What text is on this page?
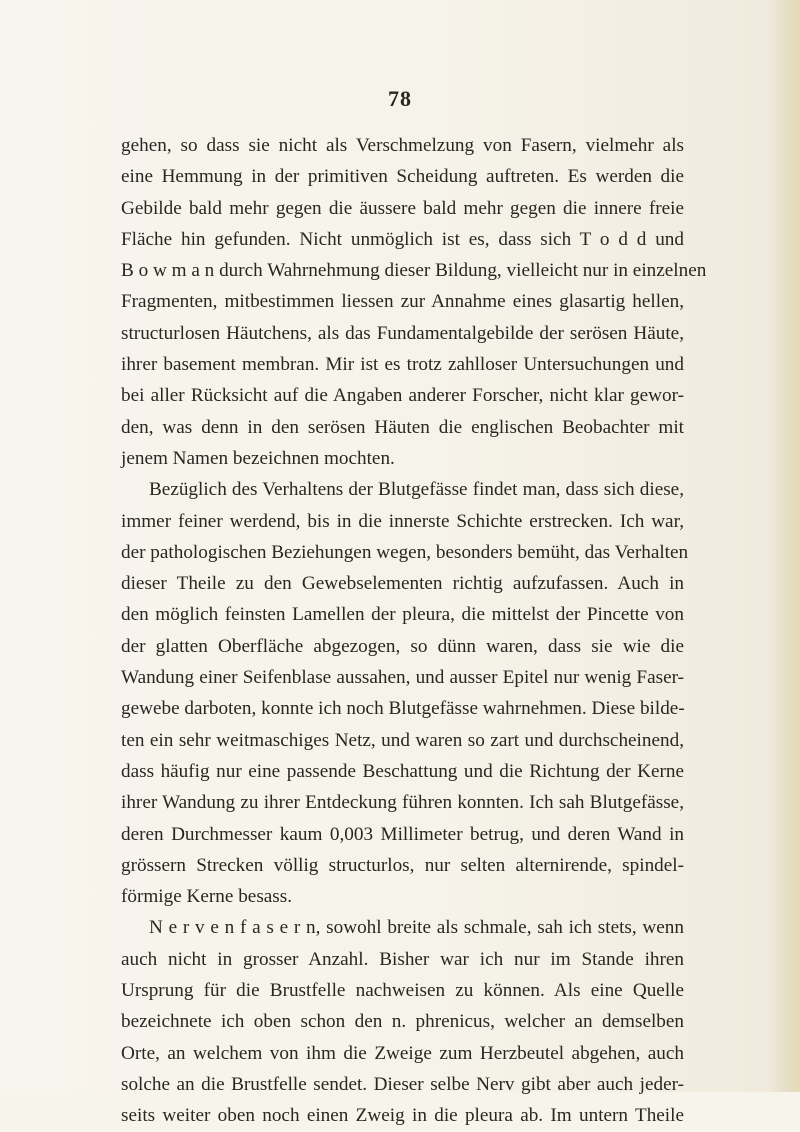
78
gehen, so dass sie nicht als Verschmelzung von Fasern, vielmehr als
eine Hemmung in der primitiven Scheidung auftreten. Es werden die
Gebilde bald mehr gegen die äussere bald mehr gegen die innere freie
Fläche hin gefunden. Nicht unmöglich ist es, dass sich T o d d und
B o w m a n durch Wahrnehmung dieser Bildung, vielleicht nur in einzelnen
Fragmenten, mitbestimmen liessen zur Annahme eines glasartig hellen,
structurlosen Häutchens, als das Fundamentalgebilde der serösen Häute,
ihrer basement membran. Mir ist es trotz zahlloser Untersuchungen und
bei aller Rücksicht auf die Angaben anderer Forscher, nicht klar gewor-
den, was denn in den serösen Häuten die englischen Beobachter mit
jenem Namen bezeichnen mochten.
Bezüglich des Verhaltens der Blutgefässe findet man, dass sich diese,
immer feiner werdend, bis in die innerste Schichte erstrecken. Ich war,
der pathologischen Beziehungen wegen, besonders bemüht, das Verhalten
dieser Theile zu den Gewebselementen richtig aufzufassen. Auch in
den möglich feinsten Lamellen der pleura, die mittelst der Pincette von
der glatten Oberfläche abgezogen, so dünn waren, dass sie wie die
Wandung einer Seifenblase aussahen, und ausser Epitel nur wenig Faser-
gewebe darboten, konnte ich noch Blutgefässe wahrnehmen. Diese bilde-
ten ein sehr weitmaschiges Netz, und waren so zart und durchscheinend,
dass häufig nur eine passende Beschattung und die Richtung der Kerne
ihrer Wandung zu ihrer Entdeckung führen konnten. Ich sah Blutgefässe,
deren Durchmesser kaum 0,003 Millimeter betrug, und deren Wand in
grössern Strecken völlig structurlos, nur selten alternirende, spindel-
förmige Kerne besass.
N e r v e n f a s e r n, sowohl breite als schmale, sah ich stets, wenn
auch nicht in grosser Anzahl. Bisher war ich nur im Stande ihren
Ursprung für die Brustfelle nachweisen zu können. Als eine Quelle
bezeichnete ich oben schon den n. phrenicus, welcher an demselben
Orte, an welchem von ihm die Zweige zum Herzbeutel abgehen, auch
solche an die Brustfelle sendet. Dieser selbe Nerv gibt aber auch jeder-
seits weiter oben noch einen Zweig in die pleura ab. Im untern Theile
